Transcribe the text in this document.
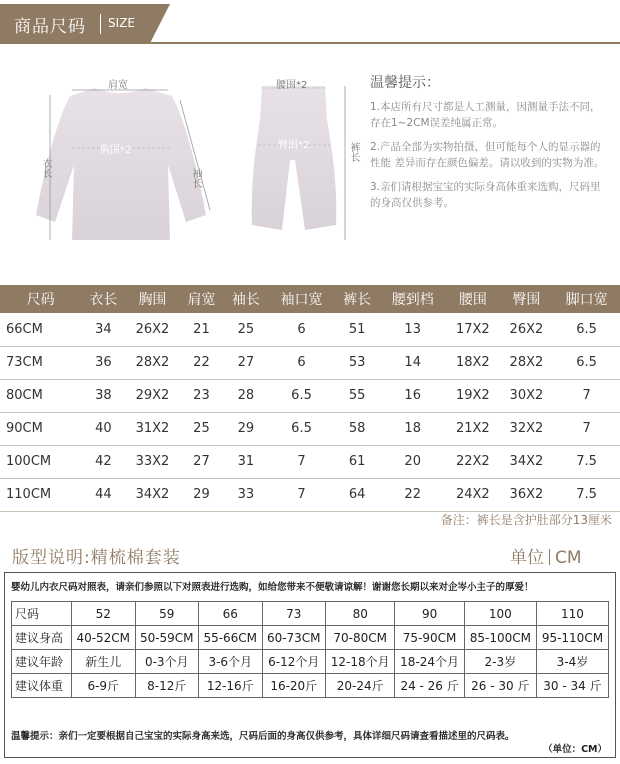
商品尺码 SIZE
肩宽
衣长
胸围*2
袖长
腰围*2
臀围*2	裤长
温馨提示：

1.本店所有尺寸都是人工测量，因测量手法不同，存在1~2CM误差纯属正常。

2.产品全部为实物拍摄，但可能每个人的显示器的性能 差异而存在颜色偏差。请以收到的实物为准。

3.亲们请根据宝宝的实际身高体重来选购，尺码里的身高仅供参考。

尺码	衣长	胸围	肩宽	袖长	袖口宽	裤长	腰到档	腰围	臀围	脚口宽
66CM	34	26X2	21	25	6	51	13	17X2	26X2	6.5
73CM	36	28X2	22	27	6	53	14	18X2	28X2	6.5
80CM	38	29X2	23	28	6.5	55	16	19X2	30X2	7
90CM	40	31X2	25	29	6.5	58	18	21X2	32X2	7
100CM	42	33X2	27	31	7	61	20	22X2	34X2	7.5
110CM	44	34X2	29	33	7	64	22	24X2	36X2	7.5
备注：裤长是含护肚部分13厘米
版型说明:精梳棉套装	单位 CM
婴幼儿内衣尺码对照表，请亲们参照以下对照表进行选购，如给您带来不便敬请谅解！谢谢您长期以来对企岑小主子的厚爱！
尺码	52	59	66	73	80	90	100	110
建议身高	40-52CM	50-59CM	55-66CM	60-73CM	70-80CM	75-90CM	85-100CM	95-110CM
建议年龄	新生儿	0-3个月	3-6个月	6-12个月	12-18个月	18-24个月	2-3岁	3-4岁
建议体重	6-9斤	8-12斤	12-16斤	16-20斤	20-24斤	24 - 26 斤	26 - 30 斤	30 - 34 斤
温馨提示：亲们一定要根据自己宝宝的实际身高来选，尺码后面的身高仅供参考，具体详细尺码请查看描述里的尺码表。
（单位：CM）
